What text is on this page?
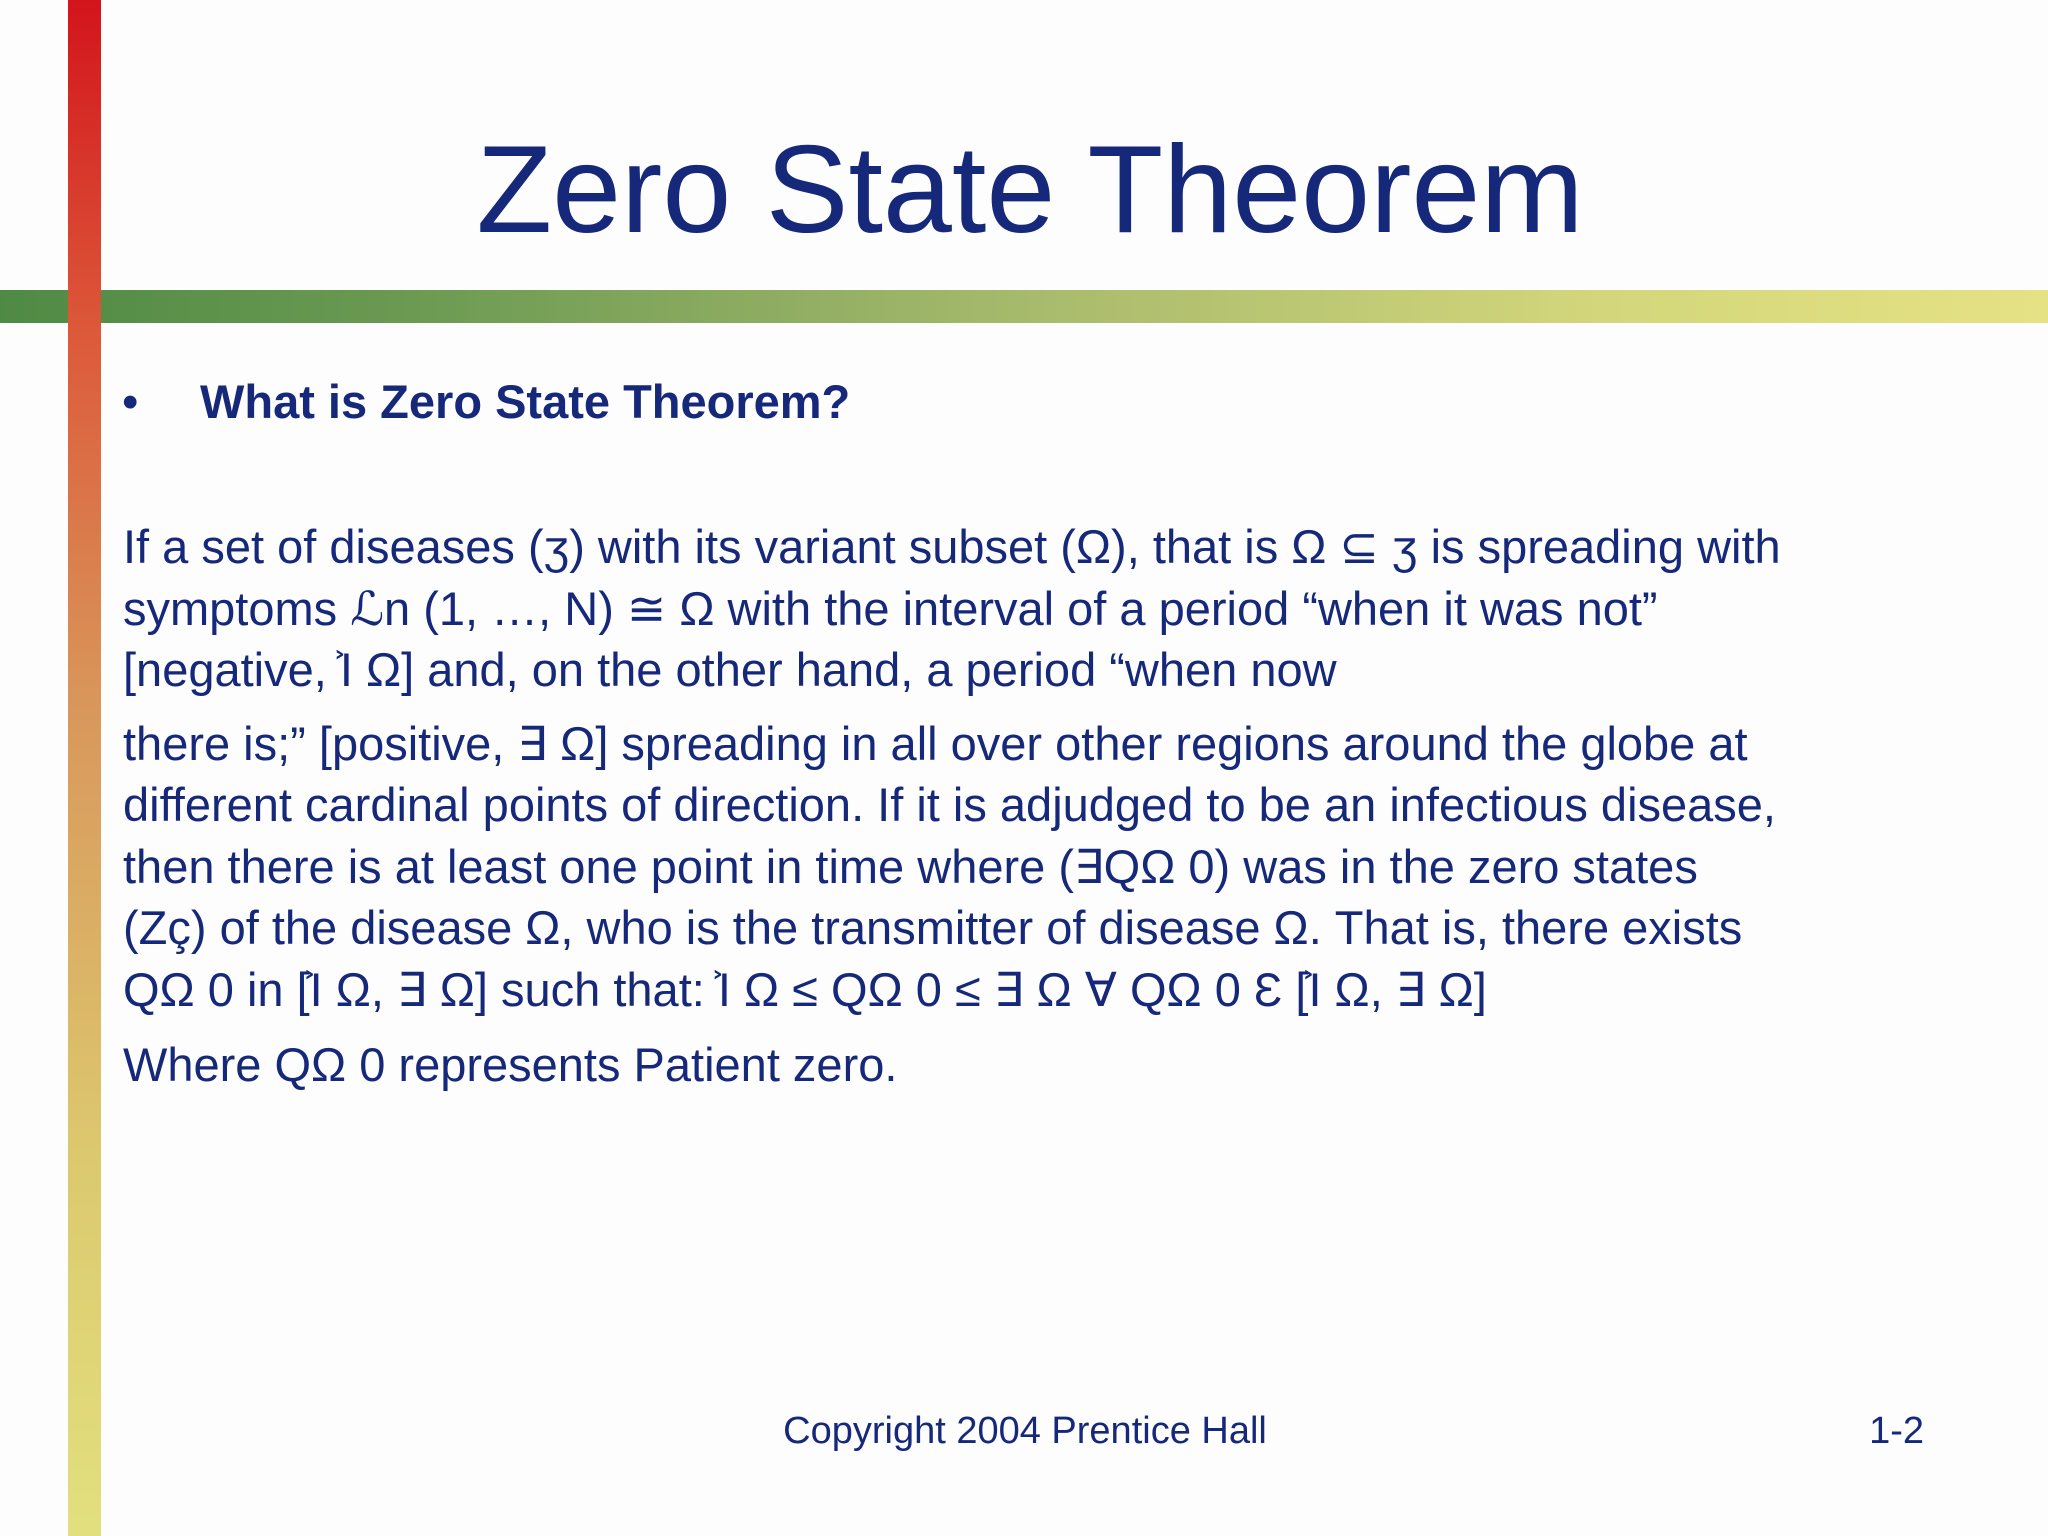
Zero State Theorem
• What is Zero State Theorem?

If a set of diseases (ʒ) with its variant subset (Ω), that is Ω ⊆ ʒ is spreading with

symptoms ℒn (1, …, N) ≅ Ω with the interval of a period “when it was not”

[negative, ͐Ι Ω] and, on the other hand, a period “when now

there is;” [positive, ∃ Ω] spreading in all over other regions around the globe at

different cardinal points of direction. If it is adjudged to be an infectious disease,

then there is at least one point in time where (∃QΩ 0) was in the zero states

(Zç) of the disease Ω, who is the transmitter of disease Ω. That is, there exists

QΩ 0 in [͐Ι Ω, ∃ Ω] such that: ͐Ι Ω ≤ QΩ 0 ≤ ∃ Ω ∀ QΩ 0 Ɛ [͐Ι Ω, ∃ Ω]

Where QΩ 0 represents Patient zero.

Copyright 2004 Prentice Hall	1-2
